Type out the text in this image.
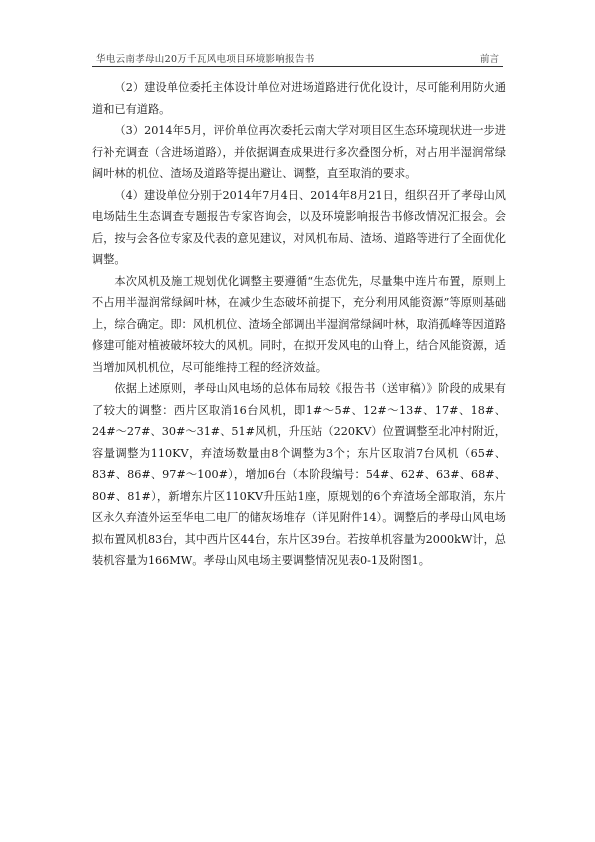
华电云南孝母山20万千瓦风电项目环境影响报告书	前言

（2）建设单位委托主体设计单位对进场道路进行优化设计，尽可能利用防火通道和已有道路。

（3）2014年5月，评价单位再次委托云南大学对项目区生态环境现状进一步进行补充调查（含进场道路），并依据调查成果进行多次叠图分析，对占用半湿润常绿阔叶林的机位、渣场及道路等提出避让、调整，直至取消的要求。

（4）建设单位分别于2014年7月4日、2014年8月21日，组织召开了孝母山风电场陆生生态调查专题报告专家咨询会，以及环境影响报告书修改情况汇报会。会后，按与会各位专家及代表的意见建议，对风机布局、渣场、道路等进行了全面优化调整。

本次风机及施工规划优化调整主要遵循“生态优先，尽量集中连片布置，原则上不占用半湿润常绿阔叶林，在减少生态破坏前提下，充分利用风能资源”等原则基础上，综合确定。即：风机机位、渣场全部调出半湿润常绿阔叶林，取消孤峰等因道路修建可能对植被破坏较大的风机。同时，在拟开发风电的山脊上，结合风能资源，适当增加风机机位，尽可能维持工程的经济效益。

依据上述原则，孝母山风电场的总体布局较《报告书（送审稿）》阶段的成果有了较大的调整：西片区取消16台风机，即1#～5#、12#～13#、17#、18#、24#～27#、30#～31#、51#风机，升压站（220KV）位置调整至北冲村附近，容量调整为110KV，弃渣场数量由8个调整为3个；东片区取消7台风机（65#、83#、86#、97#～100#），增加6台（本阶段编号：54#、62#、63#、68#、80#、81#），新增东片区110KV升压站1座，原规划的6个弃渣场全部取消，东片区永久弃渣外运至华电二电厂的储灰场堆存（详见附件14）。调整后的孝母山风电场拟布置风机83台，其中西片区44台，东片区39台。若按单机容量为2000kW计，总装机容量为166MW。孝母山风电场主要调整情况见表0-1及附图1。
